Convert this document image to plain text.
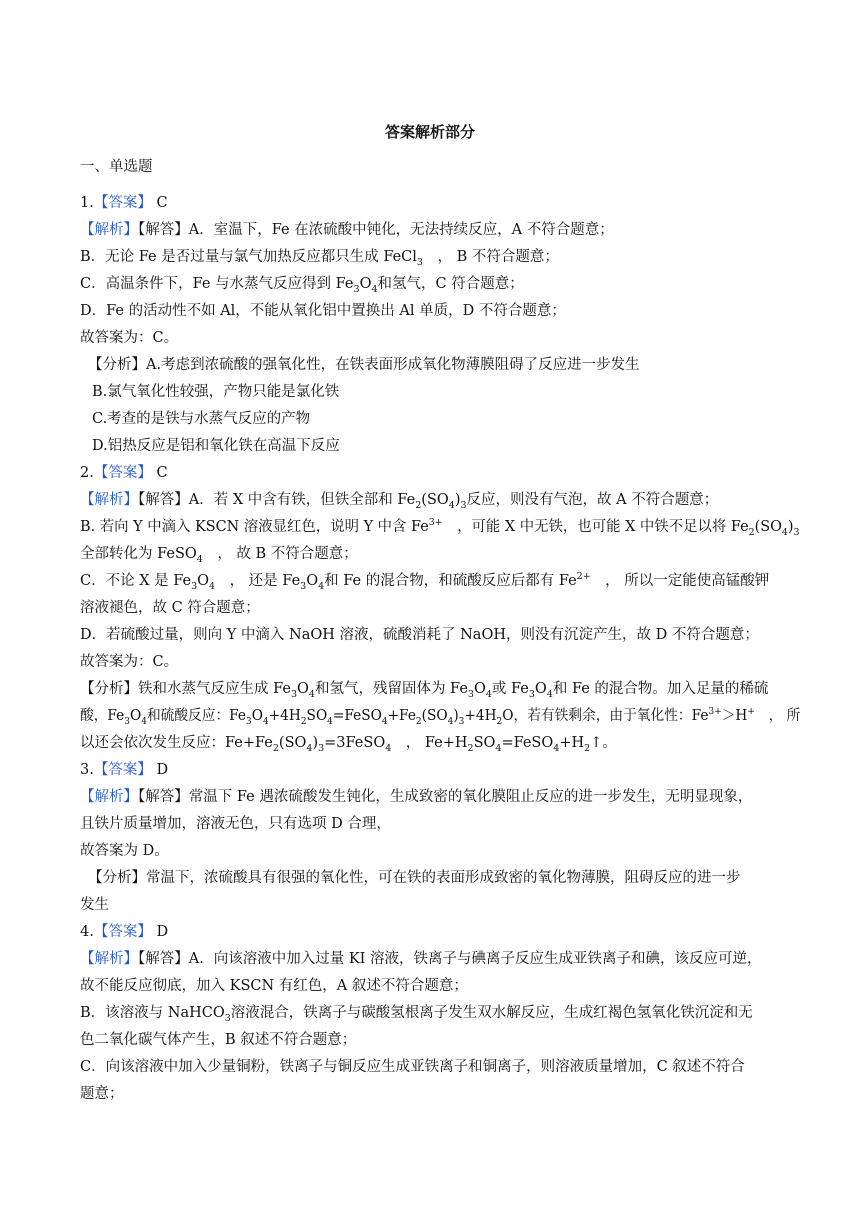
答案解析部分
一、单选题
1.【答案】 C
【解析】【解答】A．室温下，Fe 在浓硫酸中钝化，无法持续反应，A 不符合题意；
B．无论 Fe 是否过量与氯气加热反应都只生成 FeCl$_3$　， B 不符合题意；
C．高温条件下，Fe 与水蒸气反应得到 $Fe_3O_4$和氢气，C 符合题意；
D．Fe 的活动性不如 Al，不能从氧化铝中置换出 Al 单质，D 不符合题意；
故答案为：C。
【分析】A.考虑到浓硫酸的强氧化性，在铁表面形成氧化物薄膜阻碍了反应进一步发生
B.氯气氧化性较强，产物只能是氯化铁
C.考查的是铁与水蒸气反应的产物
D.铝热反应是铝和氧化铁在高温下反应
2.【答案】 C
【解析】【解答】A．若 X 中含有铁，但铁全部和 $Fe_2(SO_4)_3$反应，则没有气泡，故 A 不符合题意；
B. 若向 Y 中滴入 KSCN 溶液显红色，说明 Y 中含 $Fe^{3+}$　，可能 X 中无铁，也可能 X 中铁不足以将 $Fe_2(SO_4)_3$
全部转化为 FeSO$_4$　， 故 B 不符合题意；
C．不论 X 是 $Fe_3O_4$　， 还是 $Fe_3O_4$和 Fe 的混合物，和硫酸反应后都有 $Fe^{2+}$　， 所以一定能使高锰酸钾
溶液褪色，故 C 符合题意；
D．若硫酸过量，则向 Y 中滴入 NaOH 溶液，硫酸消耗了 NaOH，则没有沉淀产生，故 D 不符合题意；
故答案为：C。
【分析】铁和水蒸气反应生成 $Fe_3O_4$和氢气，残留固体为 $Fe_3O_4$或 $Fe_3O_4$和 Fe 的混合物。加入足量的稀硫
酸，$Fe_3O_4$和硫酸反应：$Fe_3O_4+4H_2SO_4=FeSO_4+Fe_2(SO_4)_3+4H_2O$，若有铁剩余，由于氧化性：$Fe^{3+}>H^+$　， 所
以还会依次发生反应：$Fe+Fe_2(SO_4)_3=3FeSO_4$　， $Fe+H_2SO_4=FeSO_4+H_2↑$。
3.【答案】 D
【解析】【解答】常温下 Fe 遇浓硫酸发生钝化，生成致密的氧化膜阻止反应的进一步发生，无明显现象，
且铁片质量增加，溶液无色，只有选项 D 合理，
故答案为 D。
【分析】常温下，浓硫酸具有很强的氧化性，可在铁的表面形成致密的氧化物薄膜，阻碍反应的进一步
发生
4.【答案】 D
【解析】【解答】A．向该溶液中加入过量 KI 溶液，铁离子与碘离子反应生成亚铁离子和碘，该反应可逆，
故不能反应彻底，加入 KSCN 有红色，A 叙述不符合题意；
B．该溶液与 NaHCO$_3$溶液混合，铁离子与碳酸氢根离子发生双水解反应，生成红褐色氢氧化铁沉淀和无
色二氧化碳气体产生，B 叙述不符合题意；
C．向该溶液中加入少量铜粉，铁离子与铜反应生成亚铁离子和铜离子，则溶液质量增加，C 叙述不符合
题意；
